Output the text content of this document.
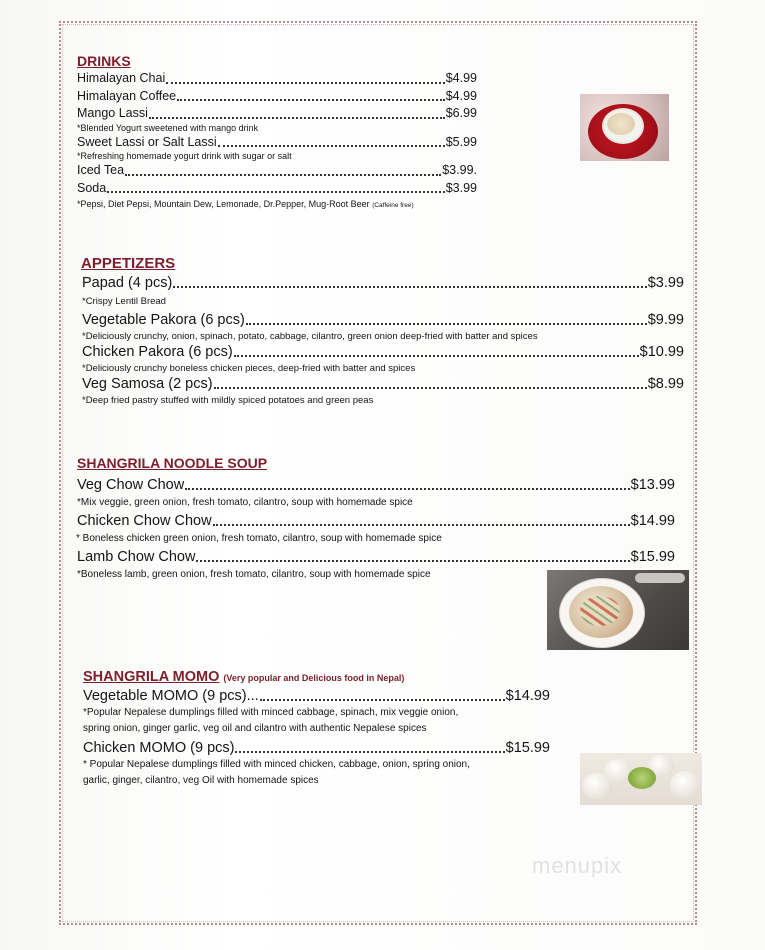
DRINKS
Himalayan Chai	$4.99
Himalayan Coffee	$4.99
Mango Lassi	$6.99
*Blended Yogurt sweetened with mango drink
Sweet Lassi or Salt Lassi	$5.99
*Refreshing homemade yogurt drink with sugar or salt
Iced Tea	$3.99.
Soda	$3.99
*Pepsi, Diet Pepsi, Mountain Dew, Lemonade, Dr.Pepper, Mug-Root Beer (Caffeine free)
APPETIZERS
Papad (4 pcs)	$3.99
*Crispy Lentil Bread
Vegetable Pakora (6 pcs)	$9.99
*Deliciously crunchy, onion, spinach, potato, cabbage, cilantro, green onion deep-fried with batter and spices
Chicken Pakora (6 pcs)	$10.99
*Deliciously crunchy boneless chicken pieces, deep-fried with batter and spices
Veg Samosa (2 pcs)	$8.99
*Deep fried pastry stuffed with mildly spiced potatoes and green peas
SHANGRILA NOODLE SOUP
Veg Chow Chow	$13.99
*Mix veggie, green onion, fresh tomato, cilantro, soup with homemade spice
Chicken Chow Chow	$14.99
* Boneless chicken green onion, fresh tomato, cilantro, soup with homemade spice
Lamb Chow Chow	$15.99
*Boneless lamb, green onion, fresh tomato, cilantro, soup with homemade spice
SHANGRILA MOMO (Very popular and Delicious food in Nepal)
Vegetable MOMO (9 pcs)...	$14.99
*Popular Nepalese dumplings filled with minced cabbage, spinach, mix veggie onion,
spring onion, ginger garlic, veg oil and cilantro with authentic Nepalese spices
Chicken MOMO (9 pcs)	$15.99
* Popular Nepalese dumplings filled with minced chicken, cabbage, onion, spring onion,
garlic, ginger, cilantro, veg Oil with homemade spices
menupix
